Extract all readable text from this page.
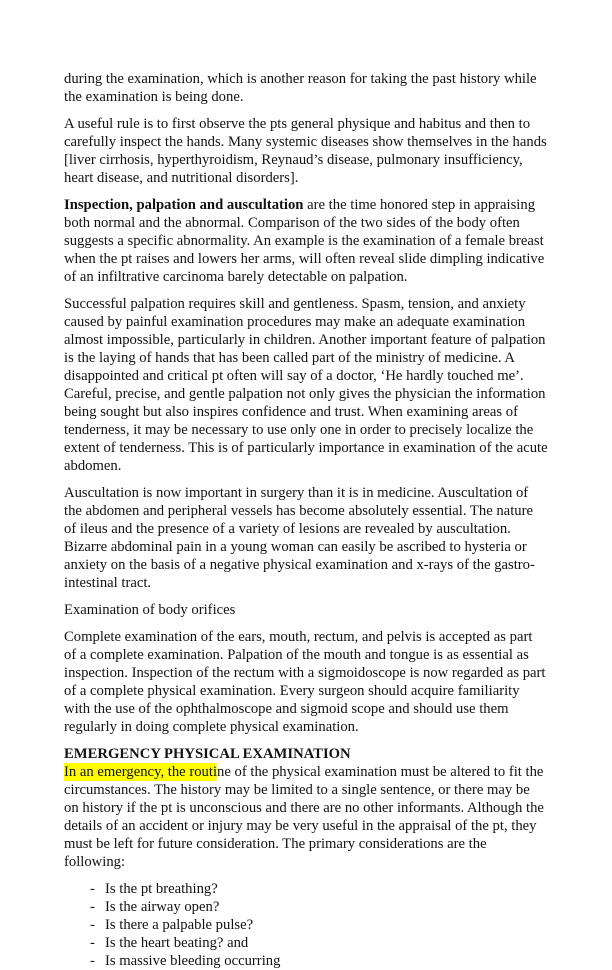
during the examination, which is another reason for taking the past history while the examination is being done.

A useful rule is to first observe the pts general physique and habitus and then to carefully inspect the hands. Many systemic diseases show themselves in the hands [liver cirrhosis, hyperthyroidism, Reynaud’s disease, pulmonary insufficiency, heart disease, and nutritional disorders].

Inspection, palpation and auscultation are the time honored step in appraising both normal and the abnormal. Comparison of the two sides of the body often suggests a specific abnormality. An example is the examination of a female breast when the pt raises and lowers her arms, will often reveal slide dimpling indicative of an infiltrative carcinoma barely detectable on palpation.

Successful palpation requires skill and gentleness. Spasm, tension, and anxiety caused by painful examination procedures may make an adequate examination almost impossible, particularly in children. Another important feature of palpation is the laying of hands that has been called part of the ministry of medicine. A disappointed and critical pt often will say of a doctor, ‘He hardly touched me’. Careful, precise, and gentle palpation not only gives the physician the information being sought but also inspires confidence and trust. When examining areas of tenderness, it may be necessary to use only one in order to precisely localize the extent of tenderness. This is of particularly importance in examination of the acute abdomen.

Auscultation is now important in surgery than it is in medicine. Auscultation of the abdomen and peripheral vessels has become absolutely essential. The nature of ileus and the presence of a variety of lesions are revealed by auscultation. Bizarre abdominal pain in a young woman can easily be ascribed to hysteria or anxiety on the basis of a negative physical examination and x-rays of the gastro-intestinal tract.

Examination of body orifices

Complete examination of the ears, mouth, rectum, and pelvis is accepted as part of a complete examination. Palpation of the mouth and tongue is as essential as inspection. Inspection of the rectum with a sigmoidoscope is now regarded as part of a complete physical examination. Every surgeon should acquire familiarity with the use of the ophthalmoscope and sigmoid scope and should use them regularly in doing complete physical examination.

EMERGENCY PHYSICAL EXAMINATION

In an emergency, the routine of the physical examination must be altered to fit the circumstances. The history may be limited to a single sentence, or there may be on history if the pt is unconscious and there are no other informants. Although the details of an accident or injury may be very useful in the appraisal of the pt, they must be left for future consideration. The primary considerations are the following:

- Is the pt breathing?
- Is the airway open?
- Is there a palpable pulse?
- Is the heart beating? and
- Is massive bleeding occurring
